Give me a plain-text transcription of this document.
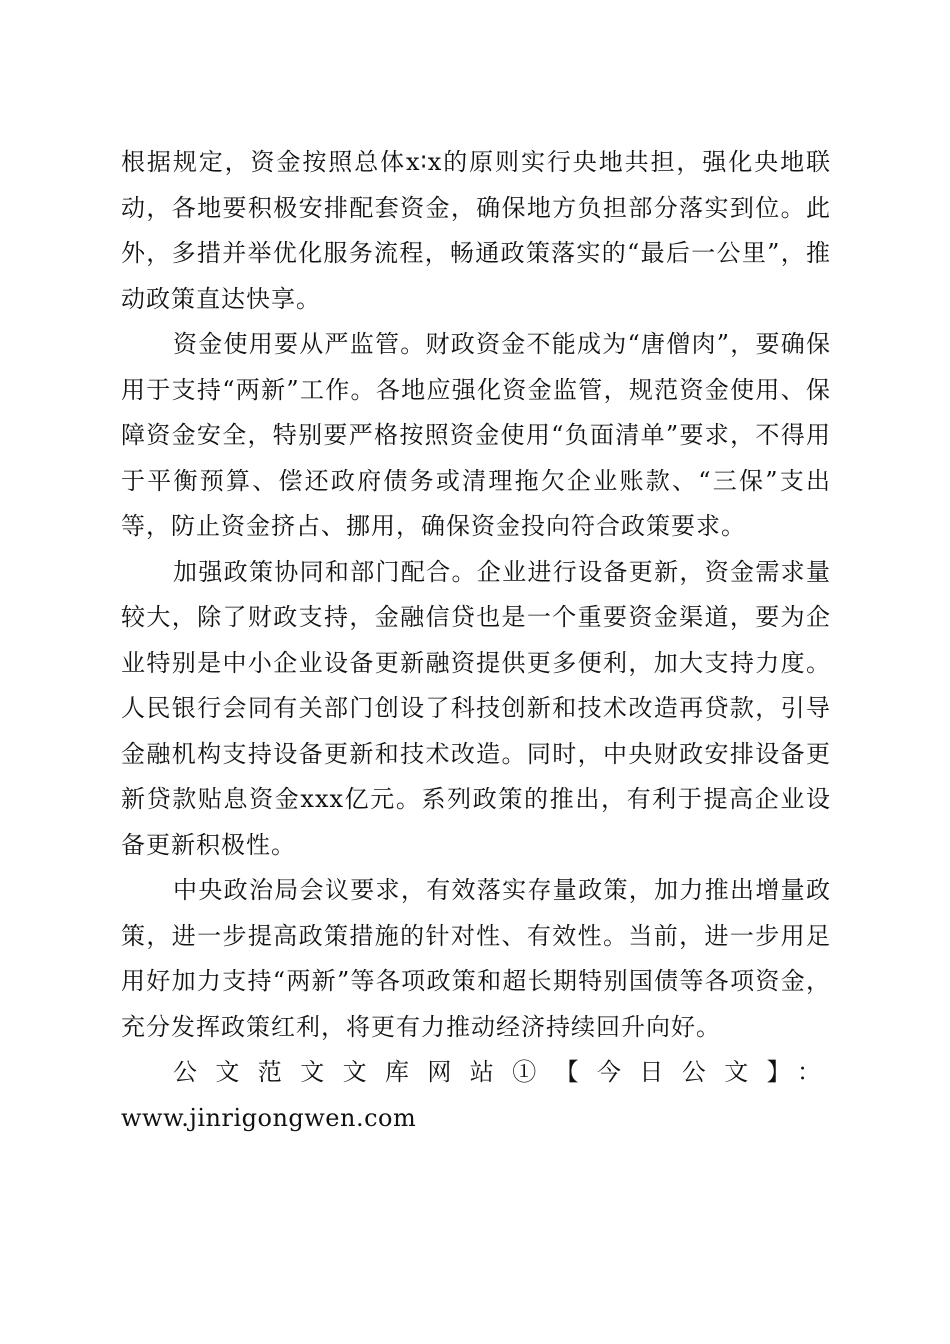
根据规定，资金按照总体x∶x的原则实行央地共担，强化央地联动，各地要积极安排配套资金，确保地方负担部分落实到位。此外，多措并举优化服务流程，畅通政策落实的“最后一公里”，推动政策直达快享。

资金使用要从严监管。财政资金不能成为“唐僧肉”，要确保用于支持“两新”工作。各地应强化资金监管，规范资金使用、保障资金安全，特别要严格按照资金使用“负面清单”要求，不得用于平衡预算、偿还政府债务或清理拖欠企业账款、“三保”支出等，防止资金挤占、挪用，确保资金投向符合政策要求。

加强政策协同和部门配合。企业进行设备更新，资金需求量较大，除了财政支持，金融信贷也是一个重要资金渠道，要为企业特别是中小企业设备更新融资提供更多便利，加大支持力度。人民银行会同有关部门创设了科技创新和技术改造再贷款，引导金融机构支持设备更新和技术改造。同时，中央财政安排设备更新贷款贴息资金xxx亿元。系列政策的推出，有利于提高企业设备更新积极性。

中央政治局会议要求，有效落实存量政策，加力推出增量政策，进一步提高政策措施的针对性、有效性。当前，进一步用足用好加力支持“两新”等各项政策和超长期特别国债等各项资金，充分发挥政策红利，将更有力推动经济持续回升向好。

公文范文文库网站①【今日公文】：

www.jinrigongwen.com
